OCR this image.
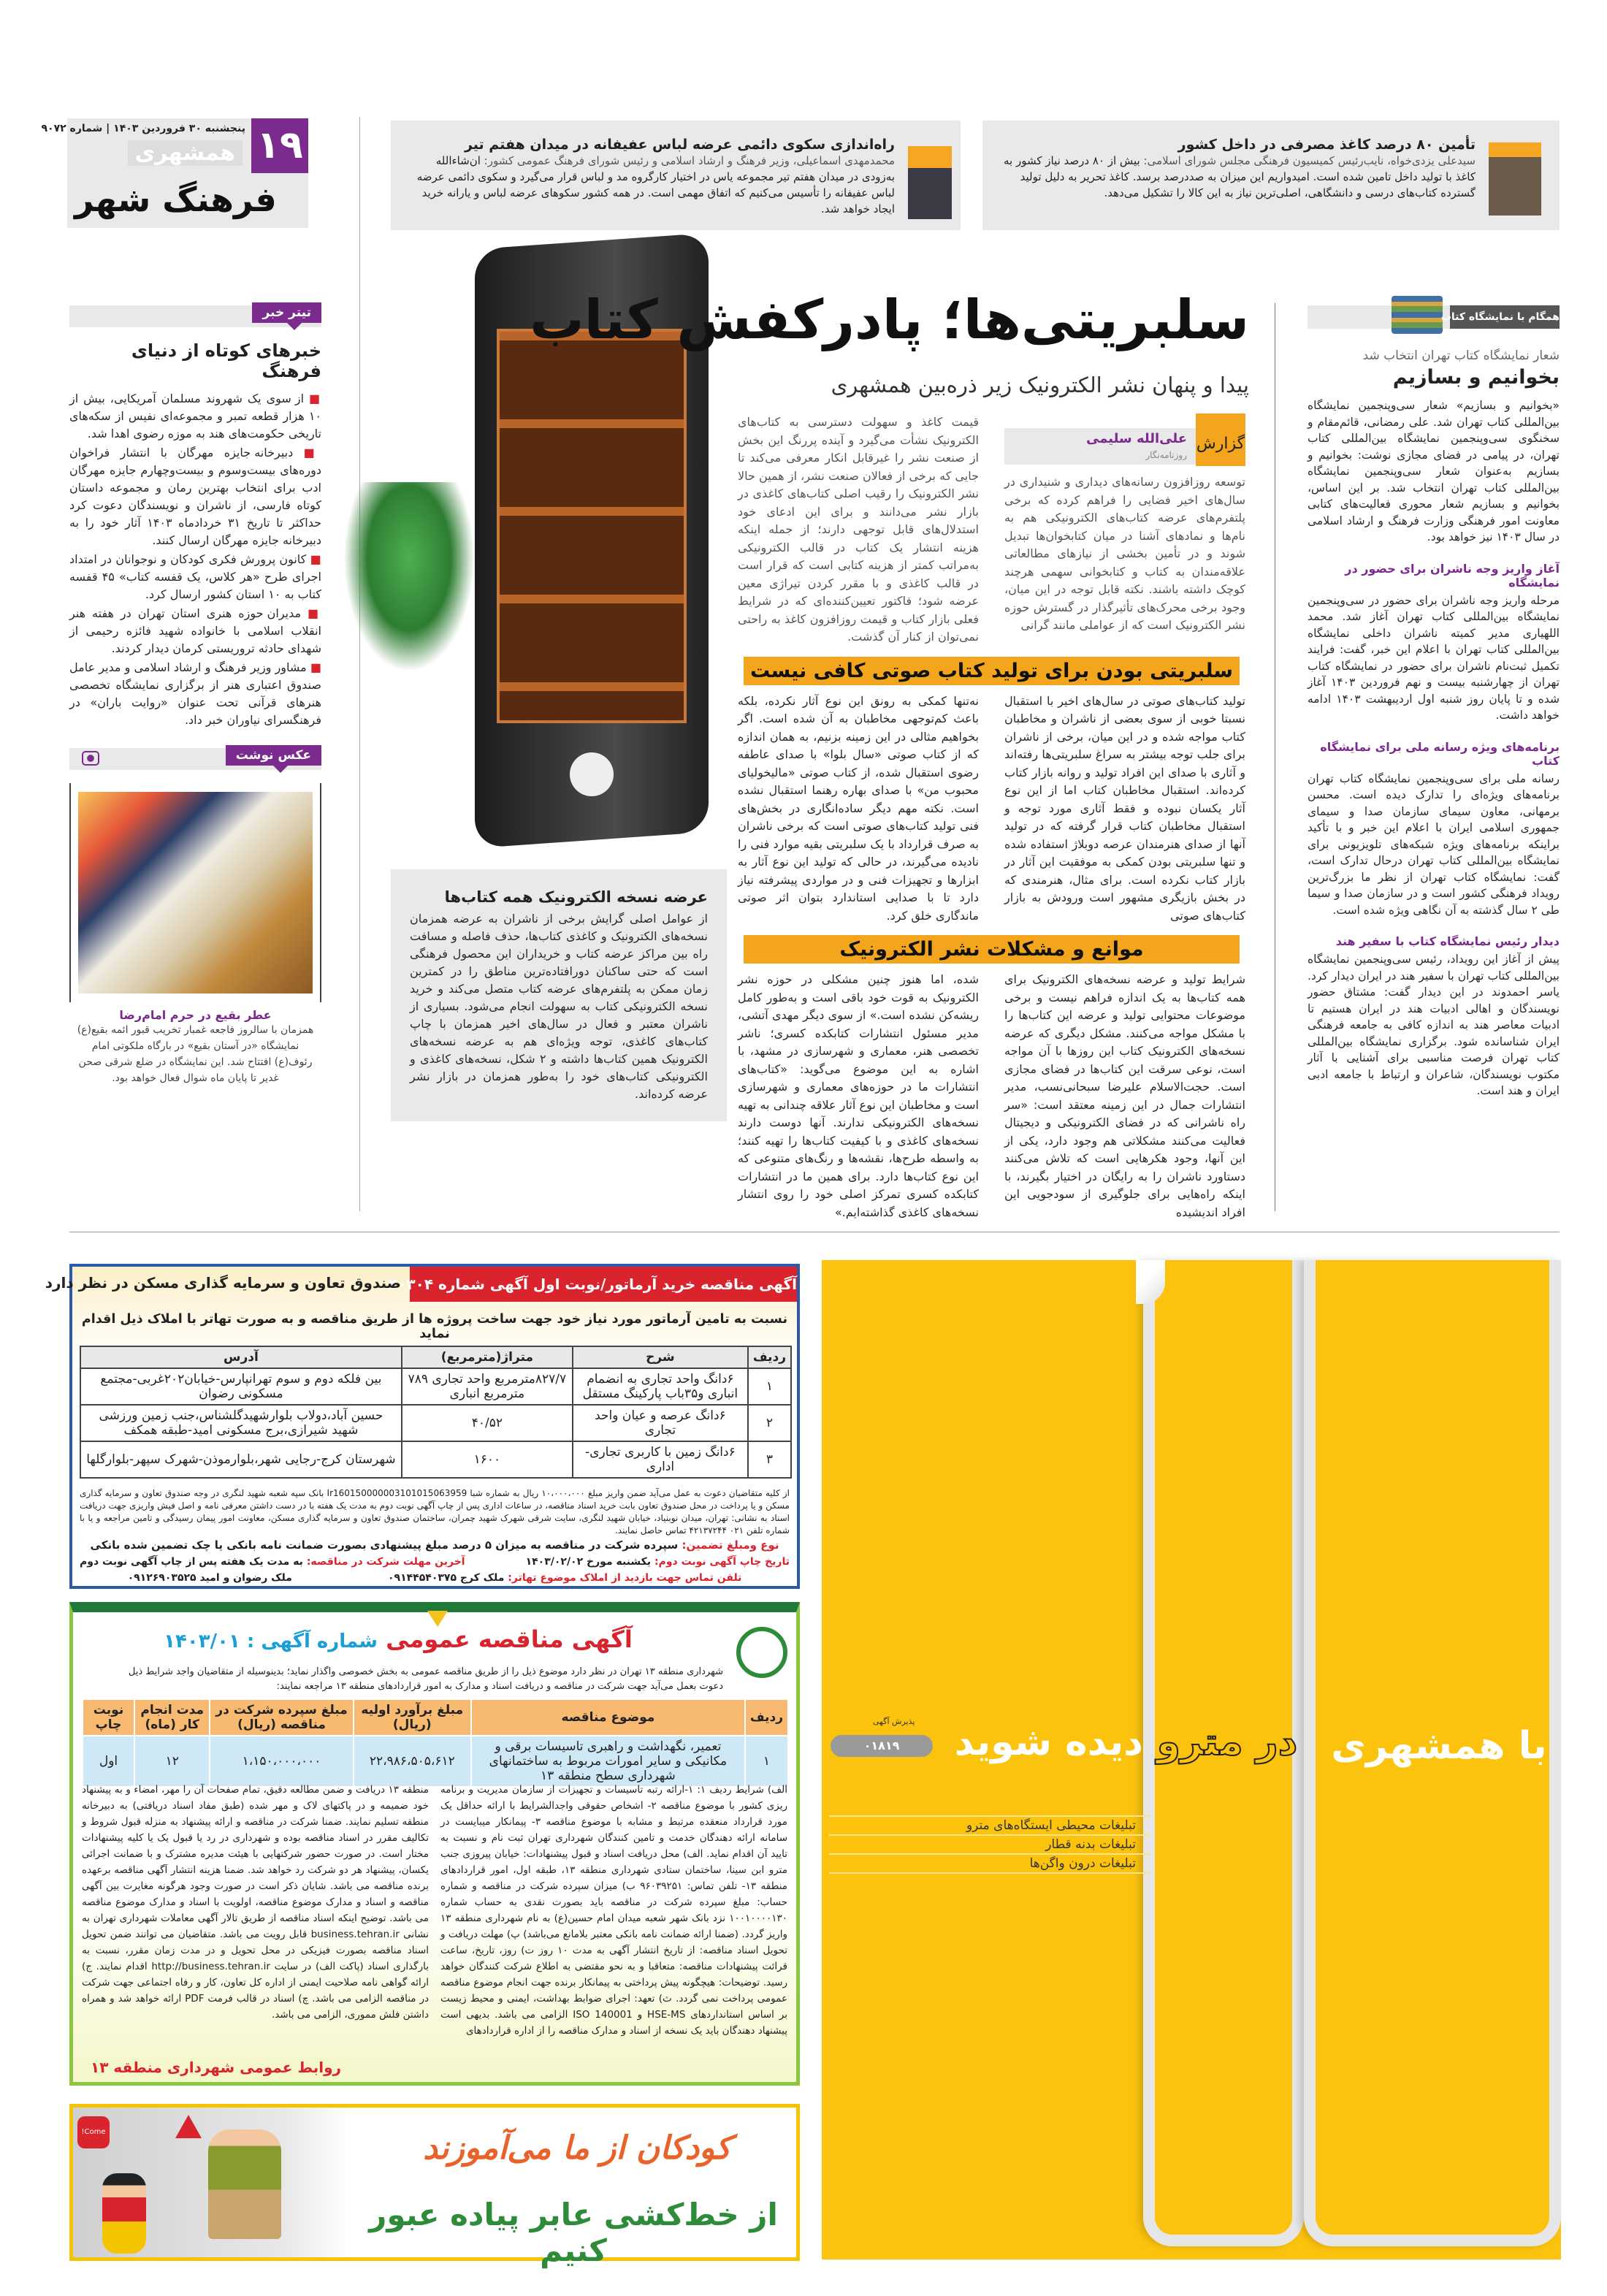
۱۹
پنجشنبه ۳۰ فروردین ۱۴۰۳ | شماره ۹۰۷۲
همشهری
فرهنگ شهر
راه‌اندازی سکوی دائمی عرضه لباس عفیفانه در میدان هفتم تیر
محمدمهدی اسماعیلی، وزیر فرهنگ و ارشاد اسلامی و رئیس شورای فرهنگ عمومی کشور: ان‌شاءالله به‌زودی در میدان هفتم تیر مجموعه یاس در اختیار کارگروه مد و لباس قرار می‌گیرد و سکوی دائمی عرضه لباس عفیفانه را تأسیس می‌کنیم که اتفاق مهمی است. در همه کشور سکوهای عرضه لباس و یارانه خرید ایجاد خواهد شد.
تأمین ۸۰ درصد کاغذ مصرفی در داخل کشور
سیدعلی یزدی‌خواه، نایب‌رئیس کمیسیون فرهنگی مجلس شورای اسلامی: بیش از ۸۰ درصد نیاز کشور به کاغذ با تولید داخل تامین شده است. امیدواریم این میزان به صددرصد برسد. کاغذ تحریر به دلیل تولید گسترده کتاب‌های درسی و دانشگاهی، اصلی‌ترین نیاز به این کالا را تشکیل می‌دهد.
سلبریتی‌ها؛ پادرکفش کتاب
پیدا و پنهان نشر الکترونیک زیر ذره‌بین همشهری
گزارش
علی‌الله سلیمی
روزنامه‌نگار
توسعه روزافزون رسانه‌های دیداری و شنیداری در سال‌های اخیر فضایی را فراهم کرده که برخی پلتفرم‌های عرضه کتاب‌های الکترونیکی هم به نام‌ها و نمادهای آشنا در میان کتابخوان‌ها تبدیل شوند و در تأمین بخشی از نیازهای مطالعاتی علاقه‌مندان به کتاب و کتابخوانی سهمی هرچند کوچک داشته باشند. نکته قابل توجه در این میان، وجود برخی محرک‌های تأثیرگذار در گسترش حوزه نشر الکترونیک است که از عواملی مانند گرانی
قیمت کاغذ و سهولت دسترسی به کتاب‌های الکترونیک نشأت می‌گیرد و آینده پررنگ این بخش از صنعت نشر را غیرقابل انکار معرفی می‌کند تا جایی که برخی از فعالان صنعت نشر، از همین حالا نشر الکترونیک را رقیب اصلی کتاب‌های کاغذی در بازار نشر می‌دانند و برای این ادعای خود استدلال‌های قابل توجهی دارند؛ از جمله اینکه هزینه انتشار یک کتاب در قالب الکترونیکی به‌مراتب کمتر از هزینه کتابی است که قرار است در قالب کاغذی و با مقرر کردن تیراژی معین عرضه شود؛ فاکتور تعیین‌کننده‌ای که در شرایط فعلی بازار کتاب و قیمت روزافزون کاغذ به راحتی نمی‌توان از کنار آن گذشت.
سلبریتی بودن برای تولید کتاب صوتی کافی نیست
تولید کتاب‌های صوتی در سال‌های اخیر با استقبال نسبتا خوبی از سوی بعضی از ناشران و مخاطبان کتاب مواجه شده و در این میان، برخی از ناشران برای جلب توجه بیشتر به سراغ سلبریتی‌ها رفته‌اند و آثاری با صدای این افراد تولید و روانه بازار کتاب کرده‌اند. استقبال مخاطبان کتاب اما از این نوع آثار یکسان نبوده و فقط آثاری مورد توجه و استقبال مخاطبان کتاب قرار گرفته که در تولید آنها از صدای هنرمندان عرصه دوبلاژ استفاده شده و تنها سلبریتی بودن کمکی به موفقیت این آثار در بازار کتاب نکرده است. برای مثال، هنرمندی که در بخش بازیگری مشهور است ورودش به بازار کتاب‌های صوتی
نه‌تنها کمکی به رونق این نوع آثار نکرده، بلکه باعث کم‌توجهی مخاطبان به آن شده است. اگر بخواهیم مثالی در این زمینه بزنیم، به همان اندازه که از کتاب صوتی «سال بلوا» با صدای عاطفه رضوی استقبال شده، از کتاب صوتی «مالیخولیای محبوب من» با صدای بهاره رهنما استقبال نشده است. نکته مهم دیگر ساده‌انگاری در بخش‌های فنی تولید کتاب‌های صوتی است که برخی ناشران به صرف قرارداد با یک سلبریتی بقیه موارد فنی را نادیده می‌گیرند، در حالی که تولید این نوع آثار به ابزارها و تجهیزات فنی و در مواردی پیشرفته نیاز دارد تا با صدایی استاندارد بتوان اثر صوتی ماندگاری خلق کرد.
موانع و مشکلات نشر الکترونیک
شرایط تولید و عرضه نسخه‌های الکترونیک برای همه کتاب‌ها به یک اندازه فراهم نیست و برخی موضوعات محتوایی تولید و عرضه این کتاب‌ها را با مشکل مواجه می‌کنند. مشکل دیگری که عرضه نسخه‌های الکترونیک کتاب این روزها با آن مواجه است، نوعی سرقت این کتاب‌ها در فضای مجازی است. حجت‌الاسلام علیرضا سبحانی‌نسب، مدیر انتشارات جمال در این زمینه معتقد است: «سر راه ناشرانی که در فضای الکترونیکی و دیجیتال فعالیت می‌کنند مشکلاتی هم وجود دارد، یکی از این آنها، وجود هکرهایی است که تلاش می‌کنند دستاورد ناشران را به رایگان در اختیار بگیرند، با اینکه راه‌هایی برای جلوگیری از سودجویی این افراد اندیشیده
شده، اما هنوز چنین مشکلی در حوزه نشر الکترونیک به قوت خود باقی است و به‌طور کامل ریشه‌کن نشده است.» از سوی دیگر مهدی آتشی، مدیر مسئول انتشارات کتابکده کسری؛ ناشر تخصصی هنر، معماری و شهرسازی در مشهد، با اشاره به این موضوع می‌گوید: «کتاب‌های انتشارات ما در حوزه‌های معماری و شهرسازی است و مخاطبان این نوع آثار علاقه چندانی به تهیه نسخه‌های الکترونیکی ندارند. آنها دوست دارند نسخه‌های کاغذی و با کیفیت کتاب‌ها را تهیه کنند؛ به واسطه طرح‌ها، نقشه‌ها و رنگ‌های متنوعی که این نوع کتاب‌ها دارد. برای همین ما در انتشارات کتابکده کسری تمرکز اصلی خود را روی انتشار نسخه‌های کاغذی گذاشته‌ایم.»
عرضه نسخه الکترونیک همه کتاب‌ها
از عوامل اصلی گرایش برخی از ناشران به عرضه همزمان نسخه‌های الکترونیک و کاغذی کتاب‌ها، حذف فاصله و مسافت راه بین مراکز عرضه کتاب و خریداران این محصول فرهنگی است که حتی ساکنان دورافتاده‌ترین مناطق را در کمترین زمان ممکن به پلتفرم‌های عرضه کتاب متصل می‌کند و خرید نسخه الکترونیکی کتاب به سهولت انجام می‌شود. بسیاری از ناشران معتبر و فعال در سال‌های اخیر همزمان با چاپ کتاب‌های کاغذی، توجه ویژه‌ای هم به عرضه نسخه‌های الکترونیک همین کتاب‌ها داشته و ۲ شکل، نسخه‌های کاغذی و الکترونیکی کتاب‌های خود را به‌طور همزمان در بازار نشر عرضه کرده‌اند.
تیتر خبر
خبرهای کوتاه از دنیای فرهنگ
■ از سوی یک شهروند مسلمان آمریکایی، بیش از ۱۰ هزار قطعه تمبر و مجموعه‌ای نفیس از سکه‌های تاریخی حکومت‌های هند به موزه رضوی اهدا شد.
■ دبیرخانه جایزه مهرگان با انتشار فراخوان دوره‌های بیست‌وسوم و بیست‌وچهارم جایزه مهرگان ادب برای انتخاب بهترین رمان و مجموعه داستان کوتاه فارسی، از ناشران و نویسندگان دعوت کرد حداکثر تا تاریخ ۳۱ خردادماه ۱۴۰۳ آثار خود را به دبیرخانه جایزه مهرگان ارسال کنند.
■ کانون پرورش فکری کودکان و نوجوانان در امتداد اجرای طرح «هر کلاس، یک قفسه کتاب» ۴۵ قفسه کتاب به ۱۰ استان کشور ارسال کرد.
■ مدیران حوزه هنری استان تهران در هفته هنر انقلاب اسلامی با خانواده شهید فائزه رحیمی از شهدای حادثه تروریستی کرمان دیدار کردند.
■ مشاور وزیر فرهنگ و ارشاد اسلامی و مدیر عامل صندوق اعتباری هنر از برگزاری نمایشگاه تخصصی هنرهای قرآنی تحت عنوان «روایت باران» در فرهنگسرای نیاوران خبر داد.
عکس نوشت
عطر بقیع در حرم امام‌رضا
همزمان با سالروز فاجعه غمبار تخریب قبور ائمه بقیع(ع) نمایشگاه «در آستان بقیع» در بارگاه ملکوتی امام رئوف(ع) افتتاح شد. این نمایشگاه در ضلع شرقی صحن غدیر تا پایان ماه شوال فعال خواهد بود.
همگام با نمایشگاه کتاب
شعار نمایشگاه کتاب تهران انتخاب شد
بخوانیم و بسازیم
«بخوانیم و بسازیم» شعار سی‌وپنجمین نمایشگاه بین‌المللی کتاب تهران شد. علی رمضانی، قائم‌مقام و سخنگوی سی‌وپنجمین نمایشگاه بین‌المللی کتاب تهران، در پیامی در فضای مجازی نوشت: بخوانیم و بسازیم به‌عنوان شعار سی‌وپنجمین نمایشگاه بین‌المللی کتاب تهران انتخاب شد. بر این اساس، بخوانیم و بسازیم شعار محوری فعالیت‌های کتابی معاونت امور فرهنگی وزارت فرهنگ و ارشاد اسلامی در سال ۱۴۰۳ نیز خواهد بود.
آغاز واریز وجه ناشران برای حضور در نمایشگاه
مرحله واریز وجه ناشران برای حضور در سی‌وپنجمین نمایشگاه بین‌المللی کتاب تهران آغاز شد. محمد اللهیاری مدیر کمیته ناشران داخلی نمایشگاه بین‌المللی کتاب تهران با اعلام این خبر، گفت: فرایند تکمیل ثبت‌نام ناشران برای حضور در نمایشگاه کتاب تهران از چهارشنبه بیست و نهم فروردین ۱۴۰۳ آغاز شده و تا پایان روز شنبه اول اردیبهشت ۱۴۰۳ ادامه خواهد داشت.
برنامه‌های ویژه رسانه ملی برای نمایشگاه کتاب
رسانه ملی برای سی‌وپنجمین نمایشگاه کتاب تهران برنامه‌های ویژه‌ای را تدارک دیده است. محسن برمهانی، معاون سیمای سازمان صدا و سیمای جمهوری اسلامی ایران با اعلام این خبر و با تأکید براینکه برنامه‌های ویژه شبکه‌های تلویزیونی برای نمایشگاه بین‌المللی کتاب تهران درحال تدارک است، گفت: نمایشگاه کتاب تهران از نظر ما بزرگ‌ترین رویداد فرهنگی کشور است و در سازمان صدا و سیما طی ۲ سال گذشته به آن نگاهی ویژه شده است.
دیدار رئیس نمایشگاه کتاب با سفیر هند
پیش از آغاز این رویداد، رئیس سی‌وپنجمین نمایشگاه بین‌المللی کتاب تهران با سفیر هند در ایران دیدار کرد. یاسر احمدوند در این دیدار گفت: مشتاق حضور نویسندگان و اهالی ادبیات هند در ایران هستیم تا ادبیات معاصر هند به اندازه کافی به جامعه فرهنگی ایران شناسانده شود. برگزاری نمایشگاه بین‌المللی کتاب تهران فرصت مناسبی برای آشنایی با آثار مکتوب نویسندگان، شاعران و ارتباط با جامعه ادبی ایران و هند است.
آگهی مناقصه خرید آرماتور/نوبت اول آگهی شماره ۴۰۳۰۴
صندوق تعاون و سرمایه گذاری مسکن در نظر دارد
نسبت به تامین آرماتور مورد نیاز خود جهت ساخت پروژه ها از طریق مناقصه و به صورت تهاتر با املاک ذیل اقدام نماید
ردیف	شرح	متراژ(مترمربع)	آدرس
۱	۶دانگ واحد تجاری به انضمام انباری و۳۵باب پارکینگ مستقل	۸۲۷/۷مترمربع واحد تجاری ۷۸۹ مترمربع انباری	بین فلکه دوم و سوم تهرانپارس-خیابان۲۰۲غربی-مجتمع مسکونی رضوان
۲	۶دانگ عرصه و عیان واحد تجاری	۴۰/۵۲	حسین آباد،دولاب بلوارشهیدگلشناس،جنب زمین ورزشی شهید شیرازی،برج مسکونی امید-طبقه همکف
۳	۶دانگ زمین با کاربری تجاری-اداری	۱۶۰۰	شهرستان کرج-رجایی شهر،بلوارموذن-شهرک سپهر-بلوارگلها
از کلیه متقاضیان دعوت به عمل می‌آید ضمن واریز مبلغ ۱۰،۰۰۰،۰۰۰ ریال به شماره شبا Ir160150000003101015063959 بانک سپه شعبه شهید لنگری در وجه صندوق تعاون و سرمایه گذاری مسکن و یا پرداخت در محل صندوق تعاون بابت خرید اسناد مناقصه، در ساعات اداری پس از چاپ آگهی نوبت دوم به مدت یک هفته با در دست داشتن معرفی نامه و اصل فیش واریزی جهت دریافت اسناد به نشانی: تهران، میدان نوبنیاد، خیابان شهید لنگری، سایت شرقی شهرک شهید چمران، ساختمان صندوق تعاون و سرمایه گذاری مسکن، معاونت امور پیمان رسیدگی و تامین مراجعه و یا با شماره تلفن ۰۲۱ ۴۲۱۳۷۲۴۴ تماس حاصل نمایند.
نوع ومبلغ تضمین: سپرده شرکت در مناقصه به میزان ۵ درصد مبلغ پیشنهادی بصورت ضمانت نامه بانکی یا چک تضمین شده بانکی
تاریخ چاپ آگهی نوبت دوم: یکشنبه مورخ ۱۴۰۳/۰۲/۰۲
آخرین مهلت شرکت در مناقصه: به مدت یک هفته پس از چاپ آگهی نوبت دوم
تلفن تماس جهت بازدید از املاک موضوع تهاتر: ملک کرج ۰۹۱۴۴۵۴۰۳۷۵
ملک رضوان و امید ۰۹۱۲۶۹۰۳۵۲۵
آگهی مناقصه عمومی شماره آگهی : ۱۴۰۳/۰۱
شهرداری منطقه ۱۳ تهران در نظر دارد موضوع ذیل را از طریق مناقصه عمومی به بخش خصوصی واگذار نماید؛ بدینوسیله از متقاضیان واجد شرایط ذیل دعوت بعمل می‌آید جهت شرکت در مناقصه و دریافت اسناد و مدارک به امور قراردادهای منطقه ۱۳ مراجعه نمایند:
ردیف	موضوع مناقصه	مبلغ برآورد اولیه (ریال)	مبلغ سپرده شرکت در مناقصه (ریال)	مدت انجام کار (ماه)	نوبت چاپ
۱	تعمیر، نگهداشت و راهبری تاسیسات برقی و مکانیکی و سایر امورات مربوط به ساختمانهای شهرداری سطح منطقه ۱۳	۲۲،۹۸۶،۵۰۵،۶۱۲	۱،۱۵۰،۰۰۰،۰۰۰	۱۲	اول
الف) شرایط ردیف ۱: ۱-ارائه رتبه تاسیسات و تجهیزات از سازمان مدیریت و برنامه ریزی کشور با موضوع مناقصه ۲- اشخاص حقوقی واجدالشرایط با ارائه حداقل یک مورد قرارداد منعقده مرتبط و مشابه با موضوع مناقصه ۳- پیمانکار میبایست در سامانه ارائه دهندگان خدمت و تامین کنندگان شهرداری تهران ثبت نام و نسبت به تایید آن اقدام نماید. الف) محل دریافت اسناد و قبول پیشنهادات: خیابان پیروزی جنب مترو ابن سینا، ساختمان ستادی شهرداری منطقه ۱۳، طبقه اول، امور قراردادهای منطقه ۱۳- تلفن تماس: ۹۶۰۳۹۲۵۱ ب) میزان سپرده شرکت در مناقصه و شماره حساب: مبلغ سپرده شرکت در مناقصه باید بصورت نقدی به حساب شماره ۱۰۰۱۰۰۰۰۱۳۰ نزد بانک شهر شعبه میدان امام حسین(ع) به نام شهرداری منطقه ۱۳ واریز گردد. (ضمنا ارائه ضمانت نامه بانکی معتبر بلامانع می‌باشد) پ) مهلت دریافت و تحویل اسناد مناقصه: از تاریخ انتشار آگهی به مدت ۱۰ روز ت) روز، تاریخ، ساعت قرائت پیشنهادات مناقصه: متعاقبا و به نحو مقتضی به اطلاع شرکت کنندگان خواهد رسید. توضیحات: هیچگونه پیش پرداختی به پیمانکار برنده جهت انجام موضوع مناقصه عمومی پرداخت نمی گردد. ث) تعهد: اجرای ضوابط بهداشت، ایمنی و محیط زیست بر اساس استانداردهای HSE-MS و ISO 140001 الزامی می باشد. بدیهی است پیشنهاد دهندگان باید یک نسخه از اسناد و مدارک مناقصه را از اداره قراردادهای
منطقه ۱۳ دریافت و ضمن مطالعه دقیق، تمام صفحات آن را مهر، امضاء و به پیشنهاد خود ضمیمه و در پاکتهای لاک و مهر شده (طبق مفاد اسناد دریافتی) به دبیرخانه منطقه تسلیم نمایند. ضمنا شرکت در مناقصه و ارائه پیشنهاد به منزله قبول شروط و تکالیف مقرر در اسناد مناقصه بوده و شهرداری در رد یا قبول یک یا کلیه پیشنهادات مختار است. در صورت حضور شرکتهایی با هیئت مدیره مشترک و با ضمانت اجرائی یکسان، پیشنهاد هر دو شرکت رد خواهد شد. ضمنا هزینه انتشار آگهی مناقصه برعهده برنده مناقصه می باشد. شایان ذکر است در صورت وجود هرگونه مغایرت بین آگهی مناقصه و اسناد و مدارک موضوع مناقصه، اولویت با اسناد و مدارک موضوع مناقصه می باشد. توضیح اینکه اسناد مناقصه از طریق تالار آگهی معاملات شهرداری تهران به نشانی business.tehran.ir قابل رویت می باشد. متقاضیان می توانند ضمن تحویل اسناد مناقصه بصورت فیزیکی در محل تحویل و در مدت زمان مقرر، نسبت به بارگذاری اسناد (پاکت الف) در سایت http://business.tehran.ir اقدام نمایند. ج) ارائه گواهی نامه صلاحیت ایمنی از اداره کل تعاون، کار و رفاه اجتماعی جهت شرکت در مناقصه الزامی می باشد. چ) اسناد در قالب فرمت PDF ارائه خواهد شد و همراه داشتن فلش مموری، الزامی می باشد.
روابط عمومی شهرداری منطقه ۱۳
Come!	کودکان از ما می‌آموزند
از خط‌کشی عابر پیاده عبور کنیم
با همشهری
در مترو
دیده شوید
پذیرش آگهی
۰۱۸۱۹
تبلیغات محیطی ایستگاه‌های مترو
تبلیغات بدنه قطار
تبلیغات درون واگن‌ها
